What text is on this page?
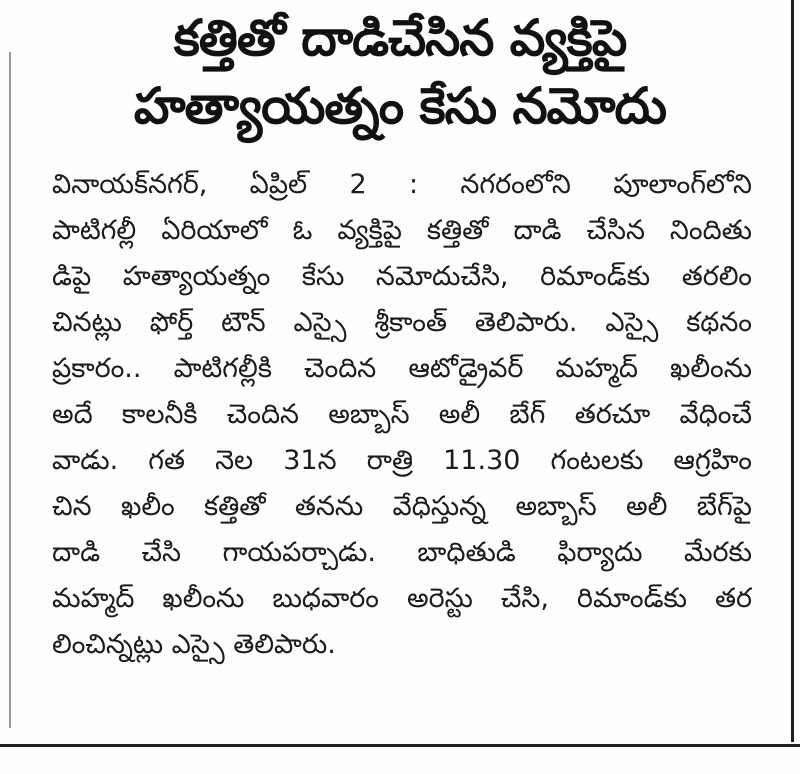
కత్తితో దాడిచేసిన వ్యక్తిపై
హత్యాయత్నం కేసు నమోదు
వినాయక్‌నగర్, ఏప్రిల్ 2 : నగరంలోని పూలాంగ్‌లోని
పాటిగల్లీ ఏరియాలో ఓ వ్యక్తిపై కత్తితో దాడి చేసిన నిందితు
డిపై హత్యాయత్నం కేసు నమోదుచేసి, రిమాండ్‌కు తరలిం
చినట్లు ఫోర్త్ టౌన్ ఎస్సై శ్రీకాంత్ తెలిపారు. ఎస్సై కథనం
ప్రకారం.. పాటిగల్లీకి చెందిన ఆటోడ్రైవర్ మహ్మద్ ఖలీంను
అదే కాలనీకి చెందిన అబ్బాస్ అలీ బేగ్ తరచూ వేధించే
వాడు. గత నెల 31న రాత్రి 11.30 గంటలకు ఆగ్రహిం
చిన ఖలీం కత్తితో తనను వేధిస్తున్న అబ్బాస్ అలీ బేగ్‌పై
దాడి చేసి గాయపర్చాడు. బాధితుడి ఫిర్యాదు మేరకు
మహ్మద్ ఖలీంను బుధవారం అరెస్టు చేసి, రిమాండ్‌కు తర
లించిన్నట్లు ఎస్సై తెలిపారు.
